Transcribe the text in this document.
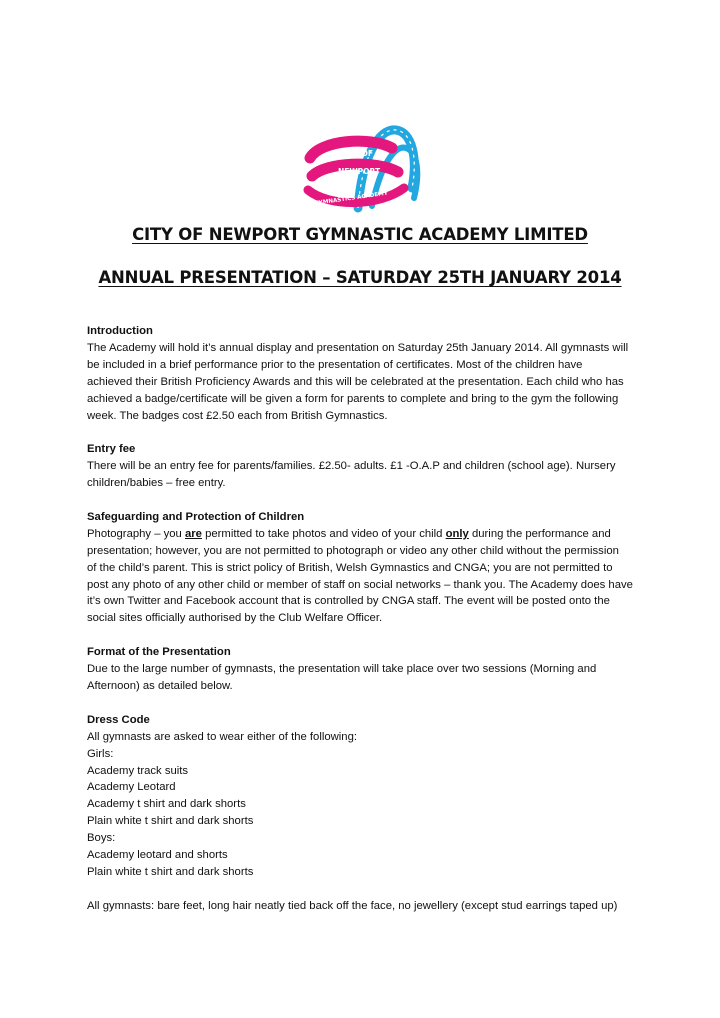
CITY OF
NEWPORT
GYMNASTICS ACADEMY
CITY OF NEWPORT GYMNASTIC ACADEMY LIMITED
ANNUAL PRESENTATION – SATURDAY 25TH JANUARY 2014
Introduction
The Academy will hold it’s annual display and presentation on Saturday 25th January 2014. All gymnasts will
be included in a brief performance prior to the presentation of certificates. Most of the children have
achieved their British Proficiency Awards and this will be celebrated at the presentation. Each child who has
achieved a badge/certificate will be given a form for parents to complete and bring to the gym the following
week. The badges cost £2.50 each from British Gymnastics.
Entry fee
There will be an entry fee for parents/families. £2.50- adults. £1 -O.A.P and children (school age). Nursery
children/babies – free entry.
Safeguarding and Protection of Children
Photography – you are permitted to take photos and video of your child only during the performance and
presentation; however, you are not permitted to photograph or video any other child without the permission
of the child’s parent. This is strict policy of British, Welsh Gymnastics and CNGA; you are not permitted to
post any photo of any other child or member of staff on social networks – thank you. The Academy does have
it’s own Twitter and Facebook account that is controlled by CNGA staff. The event will be posted onto the
social sites officially authorised by the Club Welfare Officer.
Format of the Presentation
Due to the large number of gymnasts, the presentation will take place over two sessions (Morning and
Afternoon) as detailed below.
Dress Code
All gymnasts are asked to wear either of the following:
Girls:
Academy track suits
Academy Leotard
Academy t shirt and dark shorts
Plain white t shirt and dark shorts
Boys:
Academy leotard and shorts
Plain white t shirt and dark shorts
All gymnasts: bare feet, long hair neatly tied back off the face, no jewellery (except stud earrings taped up)
